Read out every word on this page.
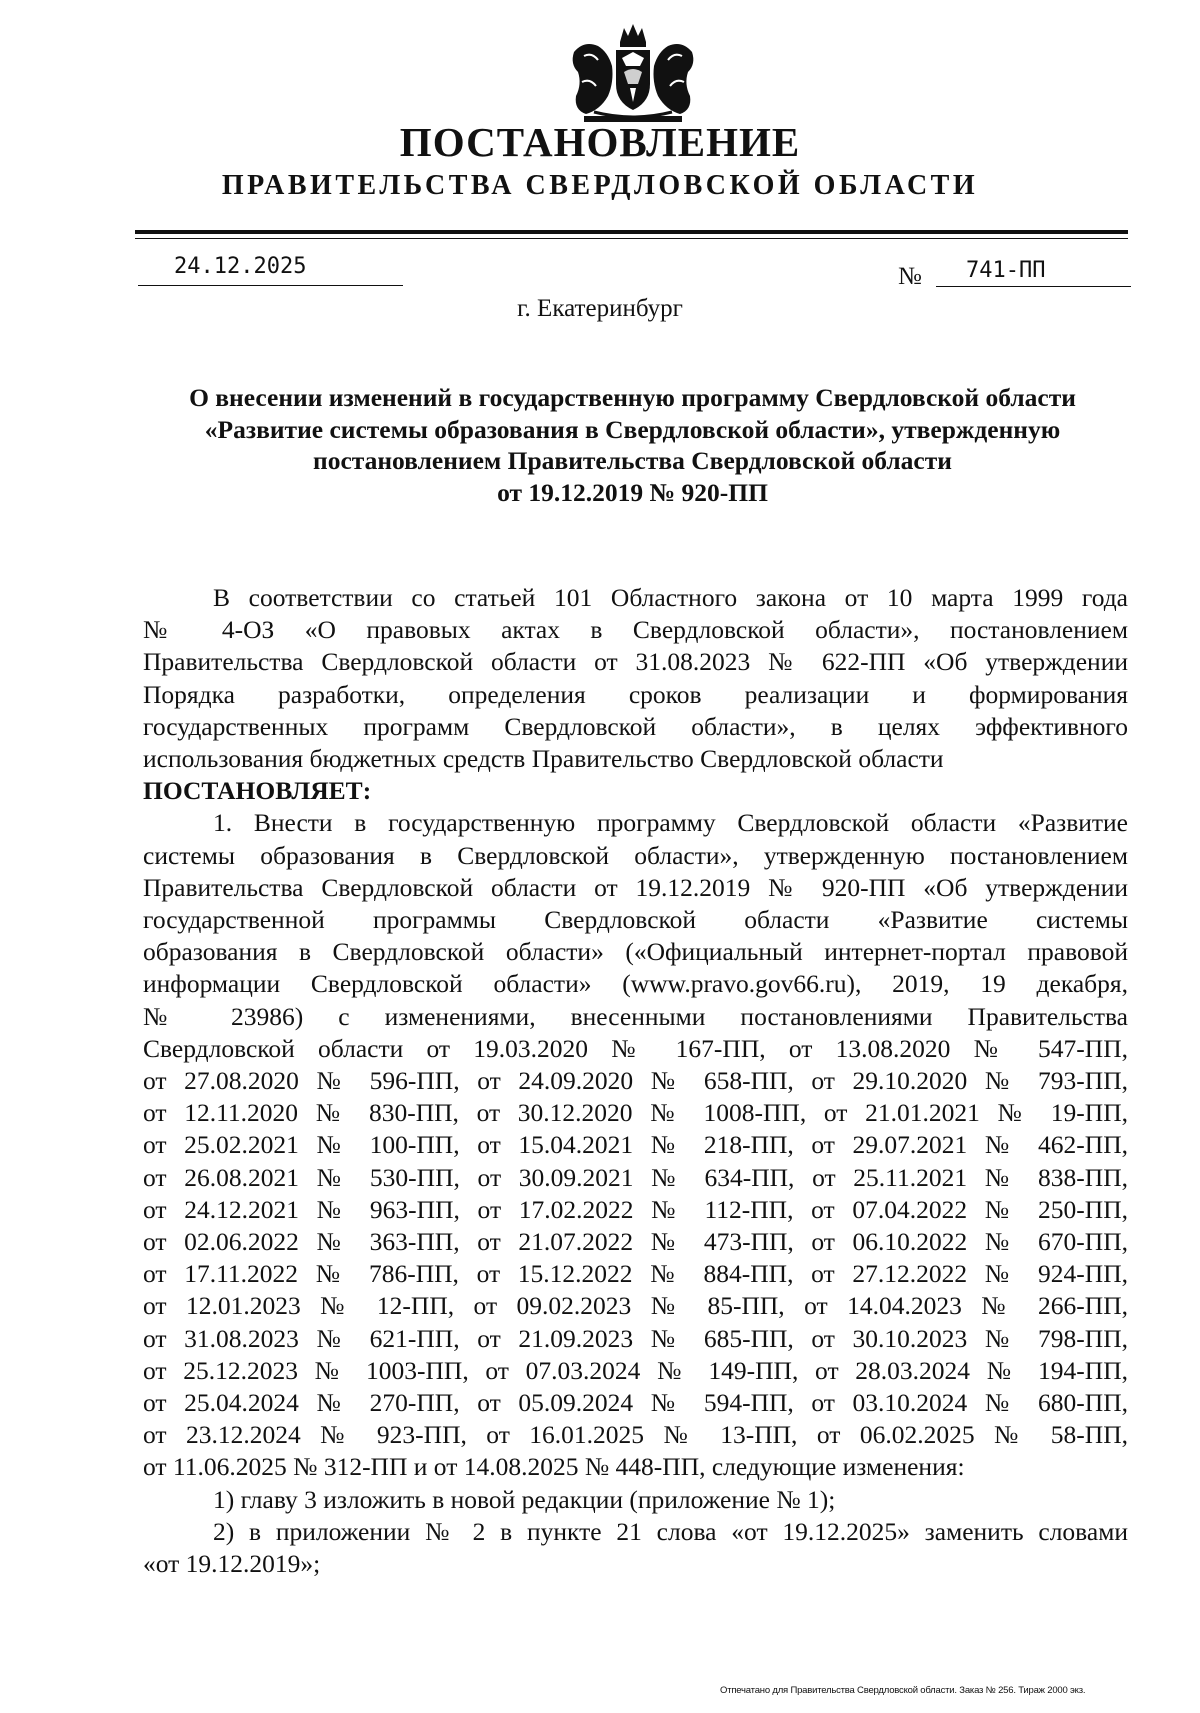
ПОСТАНОВЛЕНИЕ
ПРАВИТЕЛЬСТВА СВЕРДЛОВСКОЙ ОБЛАСТИ
24.12.2025	№	741-ПП
г. Екатеринбург
О внесении изменений в государственную программу Свердловской области
«Развитие системы образования в Свердловской области», утвержденную
постановлением Правительства Свердловской области
от 19.12.2019 № 920-ПП

В соответствии со статьей 101 Областного закона от 10 марта 1999 года

№ 4-ОЗ «О правовых актах в Свердловской области», постановлением

Правительства Свердловской области от 31.08.2023 № 622-ПП «Об утверждении

Порядка разработки, определения сроков реализации и формирования

государственных программ Свердловской области», в целях эффективного

использования бюджетных средств Правительство Свердловской области

ПОСТАНОВЛЯЕТ:

1. Внести в государственную программу Свердловской области «Развитие

системы образования в Свердловской области», утвержденную постановлением

Правительства Свердловской области от 19.12.2019 № 920-ПП «Об утверждении

государственной программы Свердловской области «Развитие системы

образования в Свердловской области» («Официальный интернет-портал правовой

информации Свердловской области» (www.pravo.gov66.ru), 2019, 19 декабря,

№ 23986) с изменениями, внесенными постановлениями Правительства

Свердловской области от 19.03.2020 № 167-ПП, от 13.08.2020 № 547-ПП,

от 27.08.2020 № 596-ПП, от 24.09.2020 № 658-ПП, от 29.10.2020 № 793-ПП,

от 12.11.2020 № 830-ПП, от 30.12.2020 № 1008-ПП, от 21.01.2021 № 19-ПП,

от 25.02.2021 № 100-ПП, от 15.04.2021 № 218-ПП, от 29.07.2021 № 462-ПП,

от 26.08.2021 № 530-ПП, от 30.09.2021 № 634-ПП, от 25.11.2021 № 838-ПП,

от 24.12.2021 № 963-ПП, от 17.02.2022 № 112-ПП, от 07.04.2022 № 250-ПП,

от 02.06.2022 № 363-ПП, от 21.07.2022 № 473-ПП, от 06.10.2022 № 670-ПП,

от 17.11.2022 № 786-ПП, от 15.12.2022 № 884-ПП, от 27.12.2022 № 924-ПП,

от 12.01.2023 № 12-ПП, от 09.02.2023 № 85-ПП, от 14.04.2023 № 266-ПП,

от 31.08.2023 № 621-ПП, от 21.09.2023 № 685-ПП, от 30.10.2023 № 798-ПП,

от 25.12.2023 № 1003-ПП, от 07.03.2024 № 149-ПП, от 28.03.2024 № 194-ПП,

от 25.04.2024 № 270-ПП, от 05.09.2024 № 594-ПП, от 03.10.2024 № 680-ПП,

от 23.12.2024 № 923-ПП, от 16.01.2025 № 13-ПП, от 06.02.2025 № 58-ПП,

от 11.06.2025 № 312-ПП и от 14.08.2025 № 448-ПП, следующие изменения:

1) главу 3 изложить в новой редакции (приложение № 1);

2) в приложении № 2 в пункте 21 слова «от 19.12.2025» заменить словами

«от 19.12.2019»;

Отпечатано для Правительства Свердловской области. Заказ № 256. Тираж 2000 экз.
